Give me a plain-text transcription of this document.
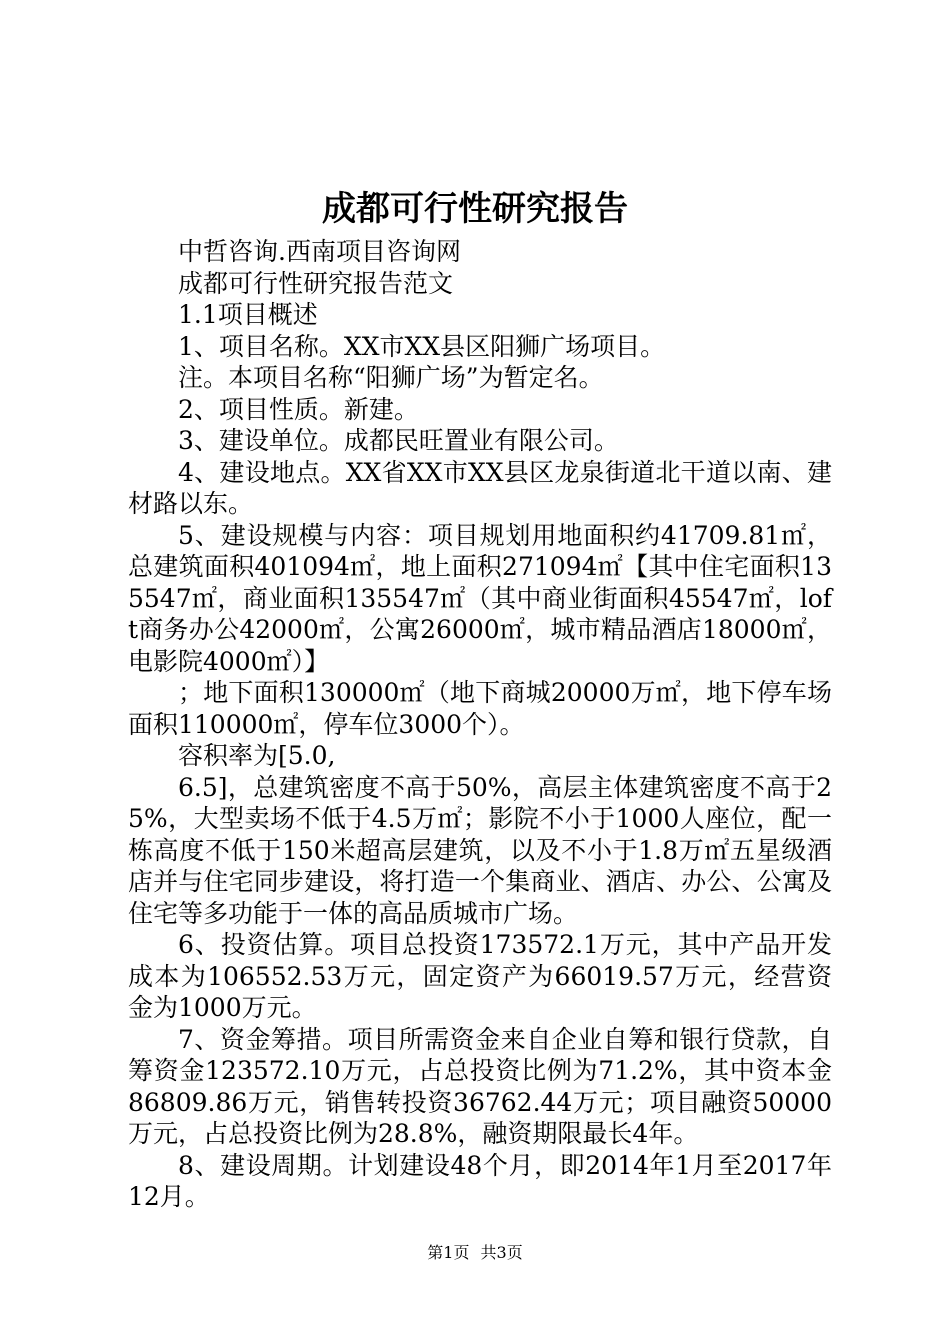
成都可行性研究报告

中哲咨询.西南项目咨询网

成都可行性研究报告范文

1.1项目概述

1、项目名称。XX市XX县区阳狮广场项目。

注。本项目名称“阳狮广场”为暂定名。

2、项目性质。新建。

3、建设单位。成都民旺置业有限公司。

4、建设地点。XX省XX市XX县区龙泉街道北干道以南、建材路以东。

5、建设规模与内容：项目规划用地面积约41709.81㎡，总建筑面积401094㎡，地上面积271094㎡【其中住宅面积135547㎡，商业面积135547㎡（其中商业街面积45547㎡，loft商务办公42000㎡，公寓26000㎡，城市精品酒店18000㎡，电影院4000㎡）】

；地下面积130000㎡（地下商城20000万㎡，地下停车场面积110000㎡，停车位3000个）。

容积率为[5.0,

6.5]，总建筑密度不高于50%，高层主体建筑密度不高于25%，大型卖场不低于4.5万㎡；影院不小于1000人座位，配一栋高度不低于150米超高层建筑，以及不小于1.8万㎡五星级酒店并与住宅同步建设，将打造一个集商业、酒店、办公、公寓及住宅等多功能于一体的高品质城市广场。

6、投资估算。项目总投资173572.1万元，其中产品开发成本为106552.53万元，固定资产为66019.57万元，经营资金为1000万元。

7、资金筹措。项目所需资金来自企业自筹和银行贷款，自筹资金123572.10万元，占总投资比例为71.2%，其中资本金86809.86万元，销售转投资36762.44万元；项目融资50000万元，占总投资比例为28.8%，融资期限最长4年。

8、建设周期。计划建设48个月，即2014年1月至2017年12月。

第1页 共3页
